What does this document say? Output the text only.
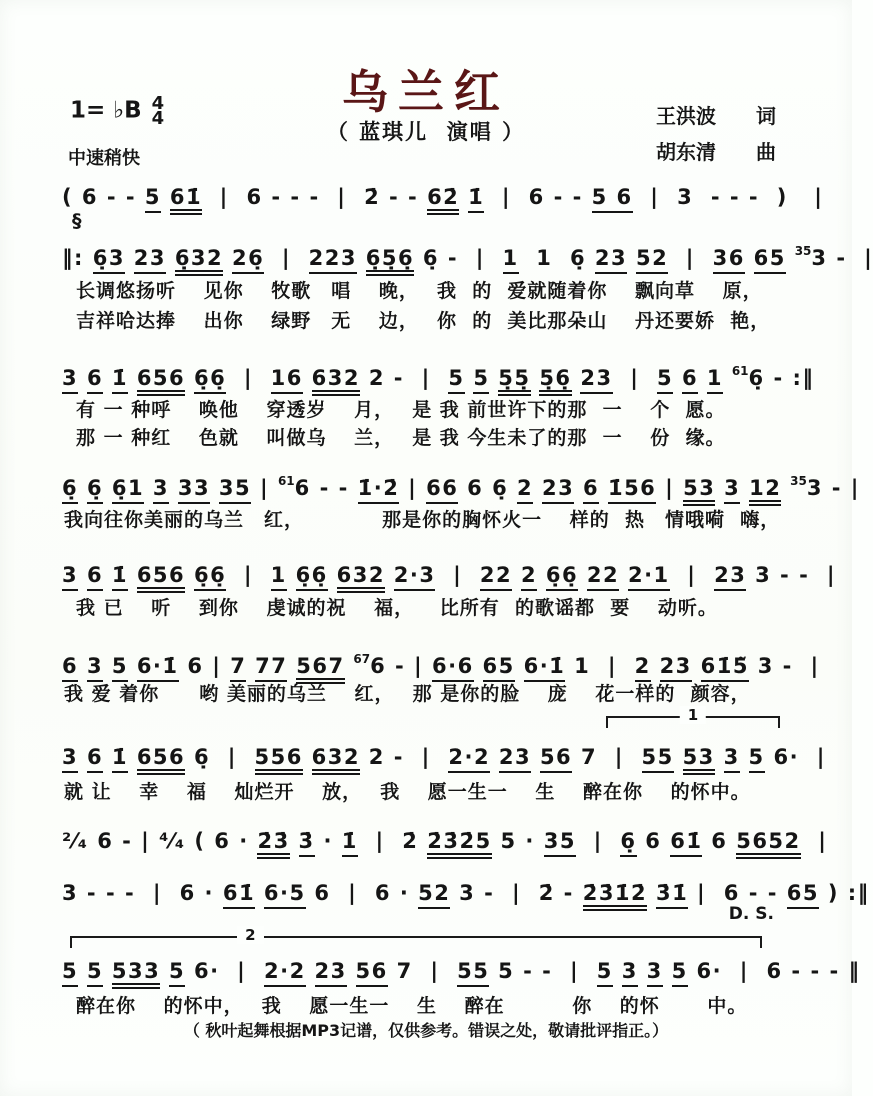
乌兰红
1= ♭B 4
4
（ 蓝琪儿  演唱 ）
王洪波　　词
胡东清　　曲
中速稍快
( 6 - - 5 61̇  |  6 - - -  |  2̇ - - 62̇ 1̇  |  6 - - 5 6  |  3  - - -  )   |
§
‖: 6̣3 23 6̣32 26̣  |  223 6̣5̣6̣ 6̣ -  |  1  1  6̣ 23 52  |  36 65 $^{35}$3 -  |
长调悠扬听　 见你　 牧歌　唱　 晚，　 我  的  爱就随着你　 飘向草　 原，
吉祥哈达捧　 出你　 绿野　无　 边，　 你  的  美比那朵山　 丹还要娇  艳，
3 6 1̇ 656 6̣6̣  |  16 632 2 -  |  5 5 5̣5̣ 5̣6̣ 23  |  5 6 1 $^{61}$6̣ - :‖
有 一 种呼　 唤他　 穿透岁　 月，　 是 我 前世许下的那  一　 个  愿。
那 一 种红　 色就　 叫做乌　 兰，　 是 我 今生未了的那  一　 份  缘。
6̣ 6̣ 6̣1 3 33 35 | $^{61}$6 - - 1̇·2̇ | 66 6 6̣ 2 23 6 1̇56 | 53 3 12 $^{35}$3 - |
我向往你美丽的乌兰　红，　　　　 那是你的胸怀火一　 样的  热　情哦嗬  嗨，
3 6 1̇ 656 6̣6̣  |  1 6̣6̣ 632 2·3  |  22 2 6̣6̣ 22 2·1  |  23 3 - -  |
我 已　 听　 到你　 虔诚的祝　 福，　  比所有  的歌谣都  要　 动听。
6 3 5 6·1̇ 6 | 7 77 567 $^{67}$6 - | 6·6 65 6·1̇ 1  |  2 23 61̇5̃ 3 -  |
我 爱 着你　　哟 美丽的乌兰　 红，　 那 是你的脸　 庞　 花一样的  颜容，
1
3 6 1̇ 656 6̣  |  556 632 2 -  |  2·2 23 56 7  |  55 53 3 5 6·  |
就 让　 幸　 福　 灿烂开　 放，　 我　 愿一生一　 生　 醉在你　 的怀中。
²⁄₄ 6 - | ⁴⁄₄ ( 6 · 2̇3̇ 3̇ · 1̇  |  2̇ 2̇3̇2̇5 5 · 35  |  6̣ 6 61̇ 6 5652  |
3 - - -  |  6 · 61̇ 6·5 6  |  6 · 52 3 -  |  2̇ - 2̇3̇1̇2̇ 3̇1̇ |  6 - - 65 ) :‖
D. S.
2
5 5 533 5 6·  |  2·2 23 56 7  |  55 5 - -  |  5 3 3 5 6·  |  6 - - - ‖
醉在你　 的怀中，　 我　 愿一生一　 生　 醉在　　　 你　 的怀　　 中。
（ 秋叶起舞根据MP3记谱，仅供参考。错误之处，敬请批评指正。）
